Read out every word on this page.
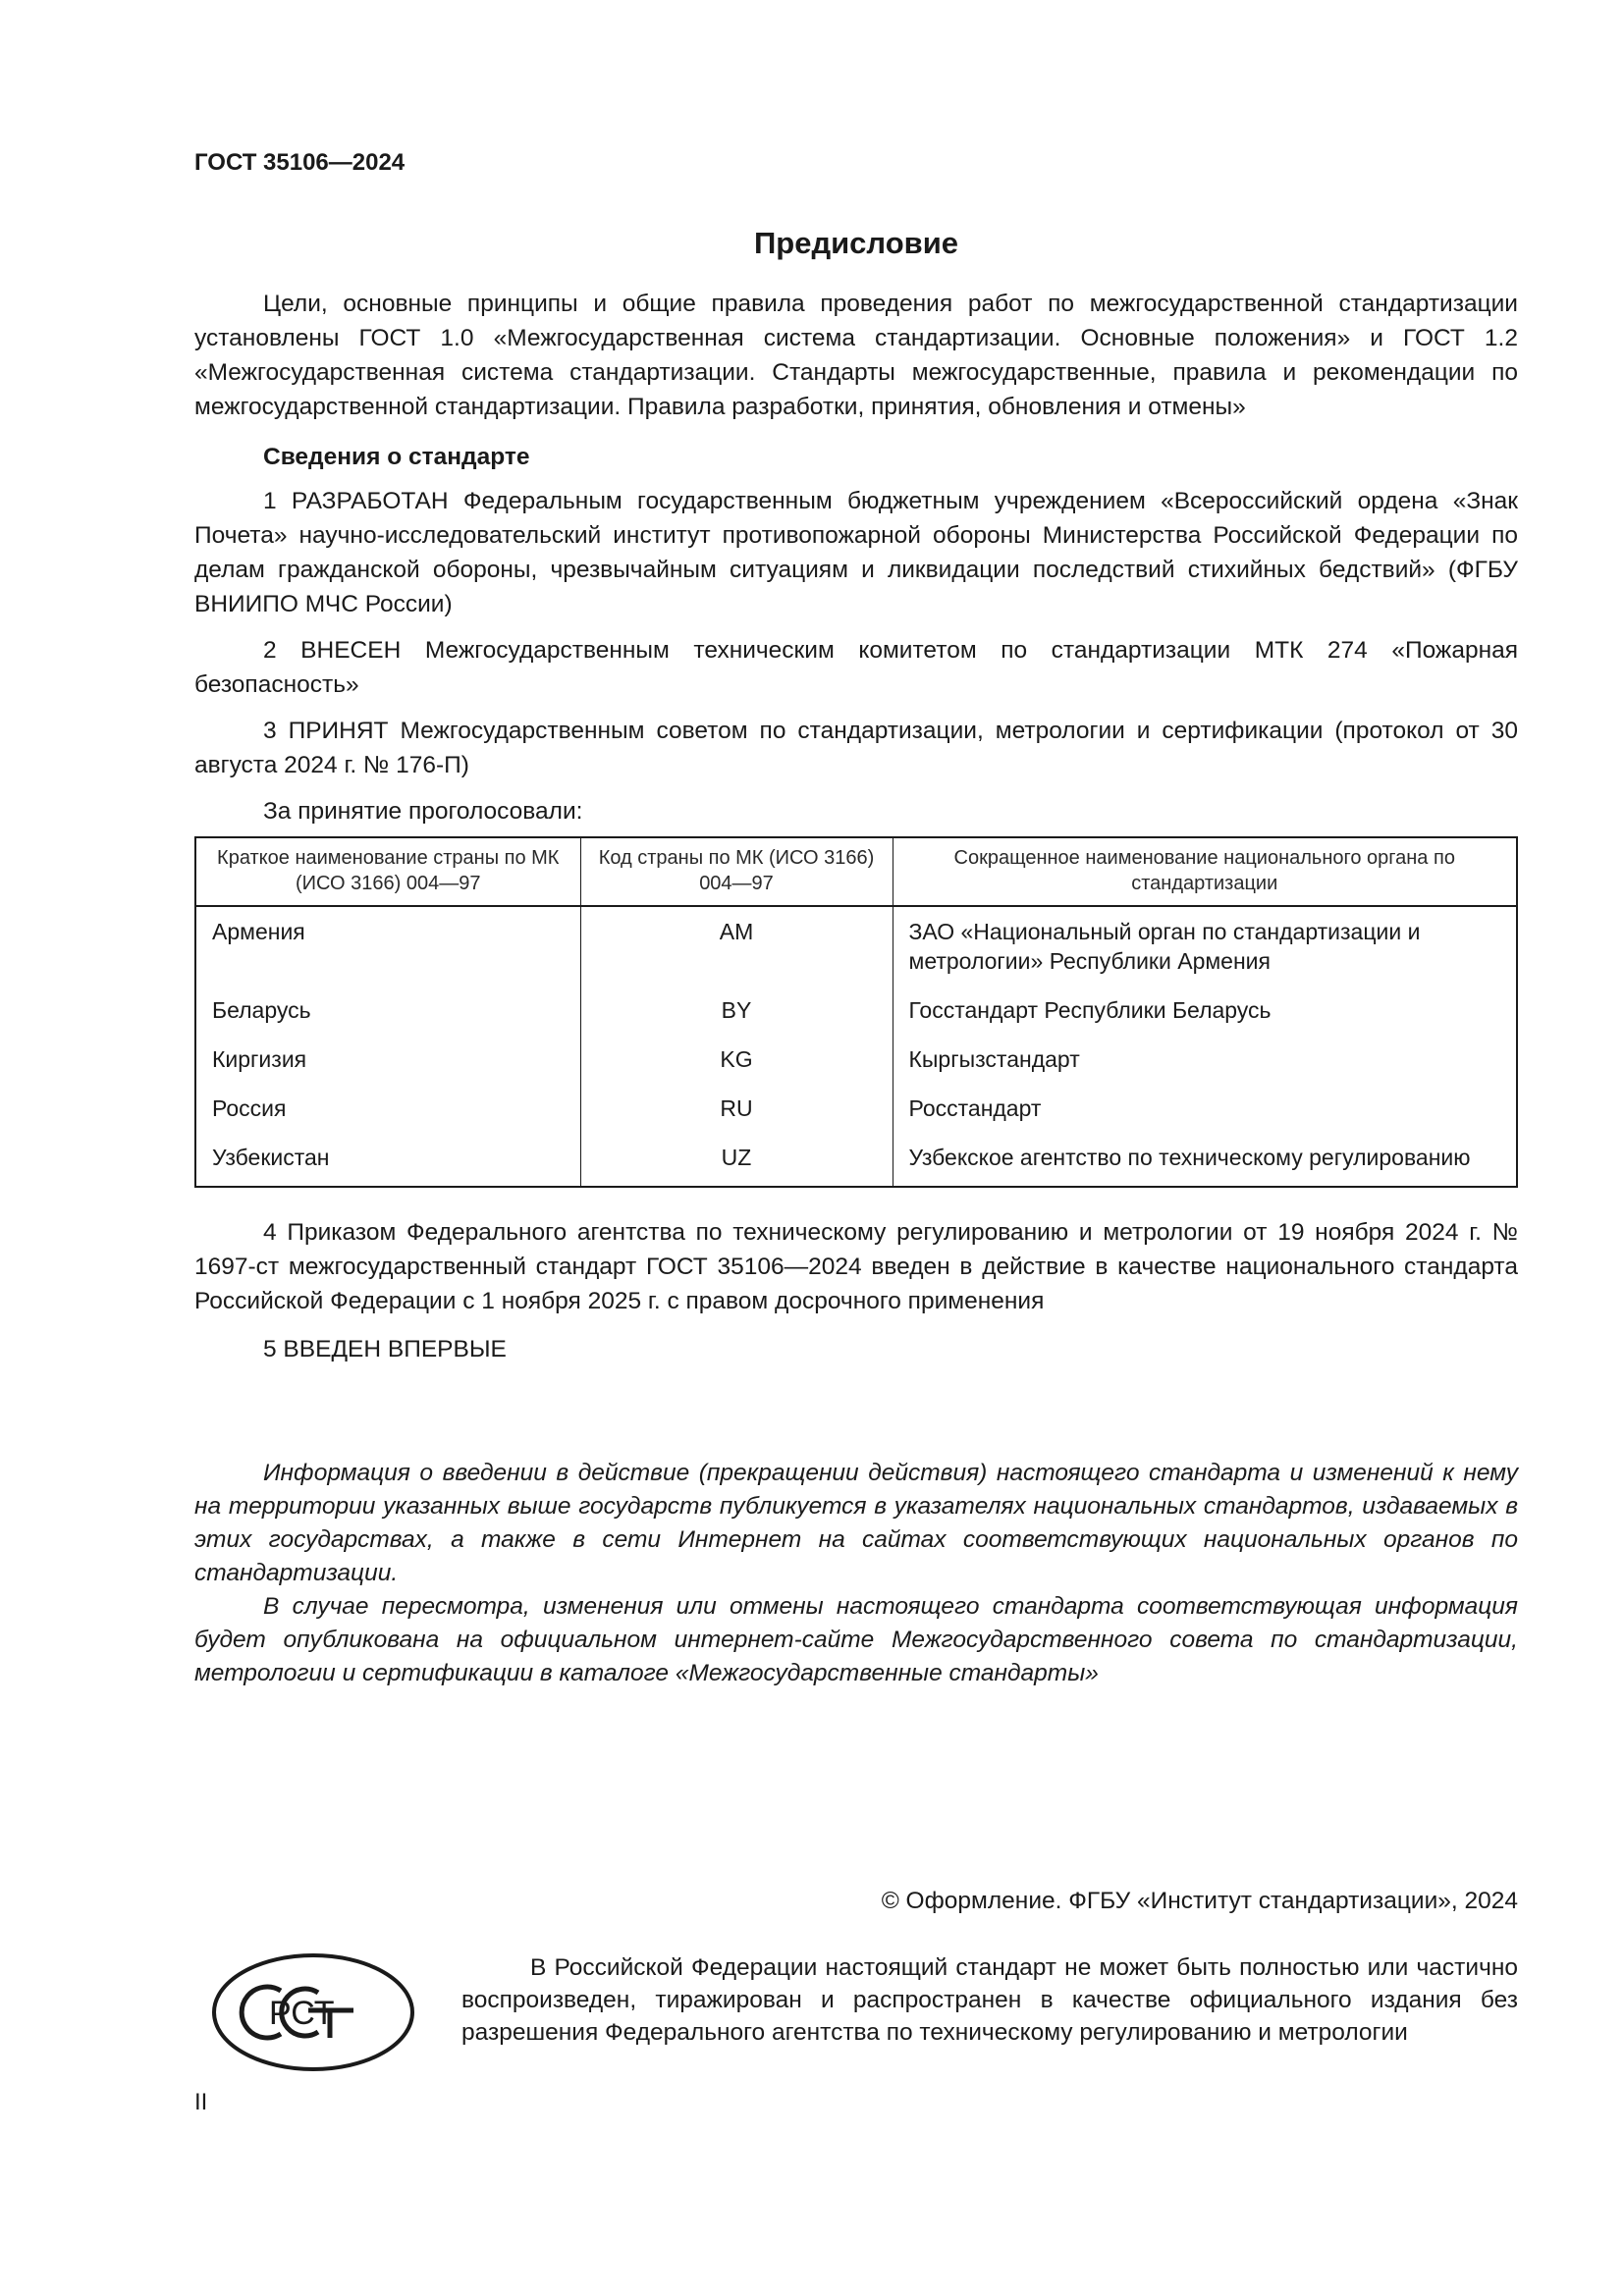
ГОСТ 35106—2024
Предисловие

Цели, основные принципы и общие правила проведения работ по межгосударственной стандартизации установлены ГОСТ 1.0 «Межгосударственная система стандартизации. Основные положения» и ГОСТ 1.2 «Межгосударственная система стандартизации. Стандарты межгосударственные, правила и рекомендации по межгосударственной стандартизации. Правила разработки, принятия, обновления и отмены»

Сведения о стандарте

1 РАЗРАБОТАН Федеральным государственным бюджетным учреждением «Всероссийский ордена «Знак Почета» научно-исследовательский институт противопожарной обороны Министерства Российской Федерации по делам гражданской обороны, чрезвычайным ситуациям и ликвидации последствий стихийных бедствий» (ФГБУ ВНИИПО МЧС России)

2 ВНЕСЕН Межгосударственным техническим комитетом по стандартизации МТК 274 «Пожарная безопасность»

3 ПРИНЯТ Межгосударственным советом по стандартизации, метрологии и сертификации (протокол от 30 августа 2024 г. № 176-П)

За принятие проголосовали:

Краткое наименование страны по МК (ИСО 3166) 004—97	Код страны по МК (ИСО 3166) 004—97	Сокращенное наименование национального органа по стандартизации
Армения	AM	ЗАО «Национальный орган по стандартизации и метрологии» Республики Армения
Беларусь	BY	Госстандарт Республики Беларусь
Киргизия	KG	Кыргызстандарт
Россия	RU	Росстандарт
Узбекистан	UZ	Узбекское агентство по техническому регулированию

4 Приказом Федерального агентства по техническому регулированию и метрологии от 19 ноября 2024 г. № 1697-ст межгосударственный стандарт ГОСТ 35106—2024 введен в действие в качестве национального стандарта Российской Федерации с 1 ноября 2025 г. с правом досрочного применения

5 ВВЕДЕН ВПЕРВЫЕ

Информация о введении в действие (прекращении действия) настоящего стандарта и изменений к нему на территории указанных выше государств публикуется в указателях национальных стандартов, издаваемых в этих государствах, а также в сети Интернет на сайтах соответствующих национальных органов по стандартизации.

В случае пересмотра, изменения или отмены настоящего стандарта соответствующая информация будет опубликована на официальном интернет-сайте Межгосударственного совета по стандартизации, метрологии и сертификации в каталоге «Межгосударственные стандарты»

© Оформление. ФГБУ «Институт стандартизации», 2024
РСТ

В Российской Федерации настоящий стандарт не может быть полностью или частично воспроизведен, тиражирован и распространен в качестве официального издания без разрешения Федерального агентства по техническому регулированию и метрологии

II
